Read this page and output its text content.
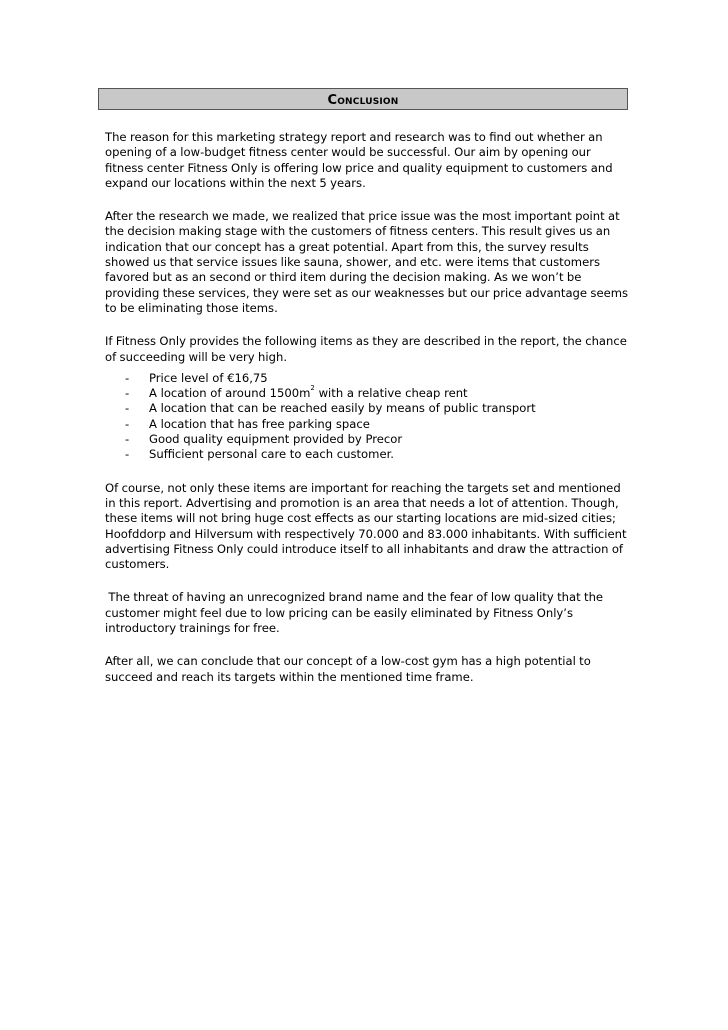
Conclusion

The reason for this marketing strategy report and research was to find out whether an opening of a low-budget fitness center would be successful. Our aim by opening our fitness center Fitness Only is offering low price and quality equipment to customers and expand our locations within the next 5 years.

After the research we made, we realized that price issue was the most important point at the decision making stage with the customers of fitness centers. This result gives us an indication that our concept has a great potential. Apart from this, the survey results showed us that service issues like sauna, shower, and etc. were items that customers favored but as an second or third item during the decision making. As we won’t be providing these services, they were set as our weaknesses but our price advantage seems to be eliminating those items.

If Fitness Only provides the following items as they are described in the report, the chance of succeeding will be very high.

- Price level of €16,75
- A location of around $1500m^2$ with a relative cheap rent
- A location that can be reached easily by means of public transport
- A location that has free parking space
- Good quality equipment provided by Precor
- Sufficient personal care to each customer.

Of course, not only these items are important for reaching the targets set and mentioned in this report. Advertising and promotion is an area that needs a lot of attention. Though, these items will not bring huge cost effects as our starting locations are mid-sized cities; Hoofddorp and Hilversum with respectively 70.000 and 83.000 inhabitants. With sufficient advertising Fitness Only could introduce itself to all inhabitants and draw the attraction of customers.

The threat of having an unrecognized brand name and the fear of low quality that the customer might feel due to low pricing can be easily eliminated by Fitness Only’s  introductory trainings for free.

After all, we can conclude that our concept of a low-cost gym has a high potential to succeed and reach its targets within the mentioned time frame.
